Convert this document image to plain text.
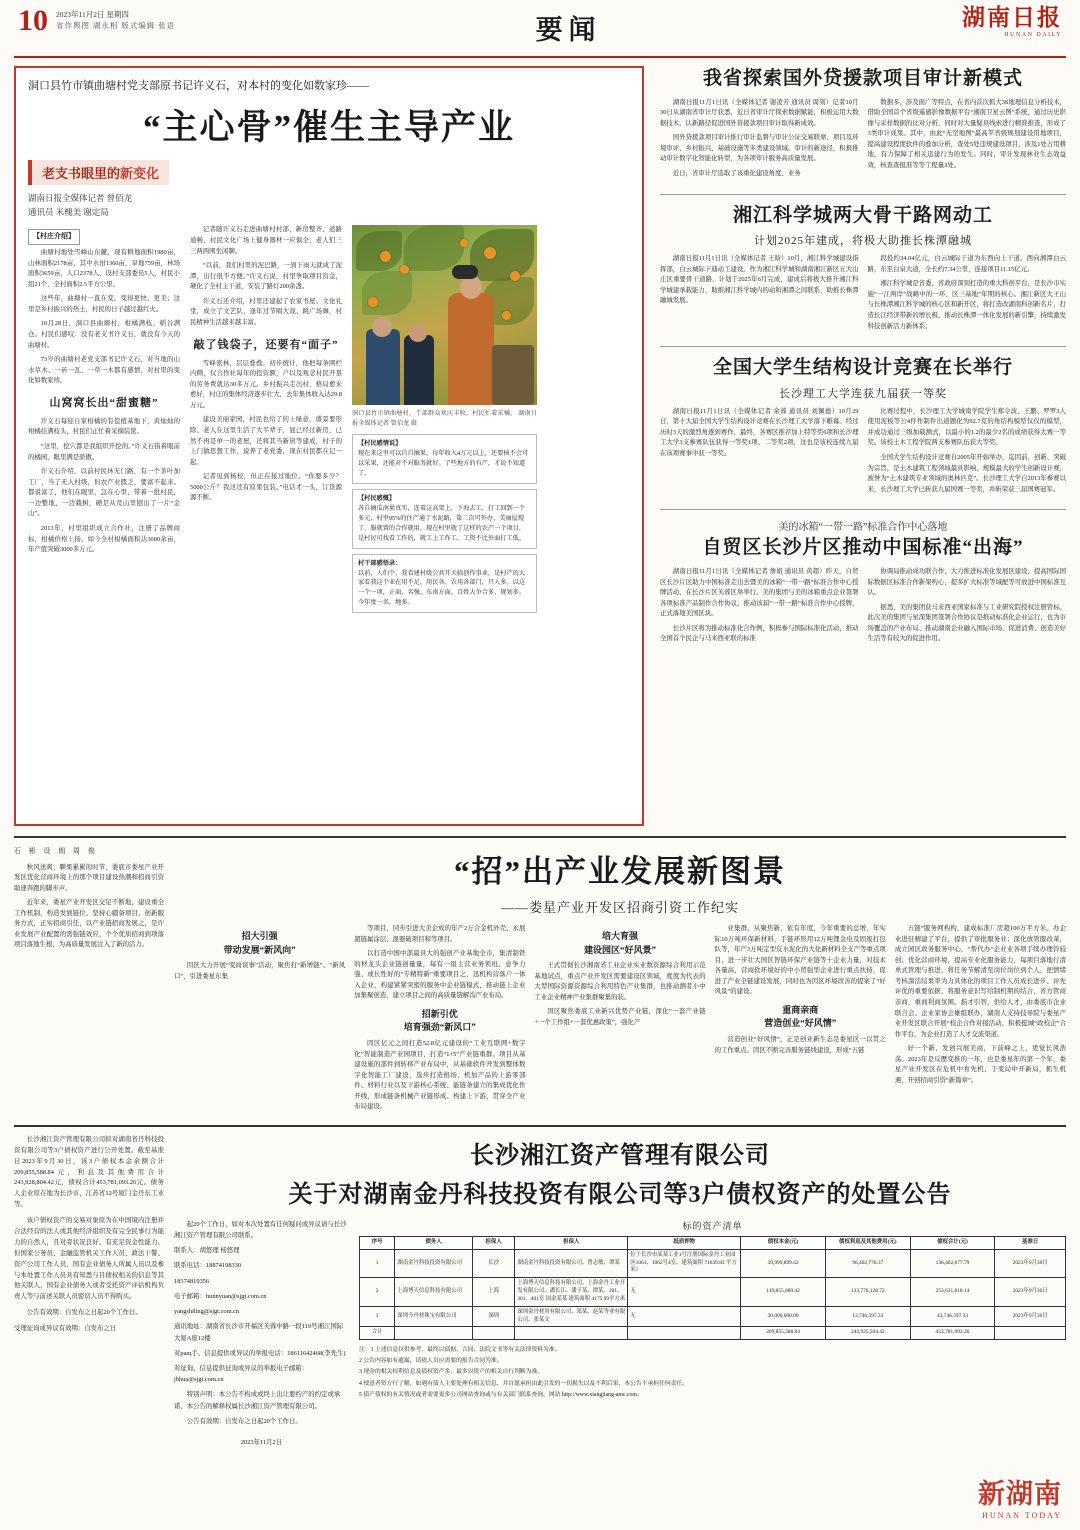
10 2023年11月2日 星期四
省作舆图 湖永相 版式编辑 张语	要闻	湖南日报
HUNAN DAILY
洞口县竹市镇曲塘村党支部原书记许义石，对本村的变化如数家珍——
“主心骨”催生主导产业
老支书眼里的新变化
湖南日报全媒体记者 曾佰龙
通讯员 米槐美 谢定局
【村庄介绍】

曲塘村地处雪峰山东麓，现有耕地面积1980亩，山林面积2178亩，其中水田1360亩，旱地759亩，林场面积3659亩，人口2378人，设村支部委员5人，村民小组21个，全村面积2.5平方公里。

这些年，曲塘村一直在变，变得更快、更美；这里是乡村振兴的热土，村民的日子越过越红火。

10月28日，洞口县曲塘村，柑橘满枝、稻谷满仓。村民们感叹：没有老支书许义石，就没有今天的曲塘村。

73岁的曲塘村老党支部书记许义石，对当地的山水草木、一砖一瓦、一草一木都有感情，对村里的变化如数家珍。

山窝窝长出“甜蜜糖”

许义石每迎自家柑橘的有偿植基地下，黄灿灿的柑橘挂满枝头，村民们正忙着采摘装筐。

“这里，挖穴都是我组织开挖的。”许义石指着眼前的橘园，眼里满是骄傲。

许义石介绍，以前村民休无门路，有一个茶叶加工厂，当了无人村级，但农产业匮乏，要富不起来。都说富了，他们在眼里，急在心里，带着一批村民，一边整地、一边栽树，硬是从荒山里刨出了一片“金山”。

2013年，村里组织成立合作社，注册了品牌商标，柑橘价格上扬。如今全村柑橘面积达3000余亩，年产值突破3000多万元。

记者随许义石走进曲塘村村部，新房整齐、道路通畅，村民文化广场上健身器材一应俱全，老人们三三两两围坐闲聊。

“以前，我们村里的泥巴路，一到下雨天就成了泥潭，出行很不方便。”许义石说，村里争取项目资金，硬化了全村主干道，安装了路灯200余盏。

许义石还介绍，村里还建起了农家书屋、文化礼堂，成立了文艺队，逢年过节唱大戏、跳广场舞，村民精神生活越来越丰富。

敲了钱袋子，还要有“面子”

雪峰密林，层层叠叠。初步统计，他把每条围栏内侧，仅合作社每年的投资额，户以及观念村民开垦的劳务费就达30多万元。乡村振兴走出村，格局愈来愈好，村庄的集体经济逐步壮大，去年集体收入达29.8万元。

建设美丽家园，村民也给了的上绿意，盛景要形除、老人在这里生活了大半辈子，显已经过新房，已然不再是单一的老屋，还将其当新居等建成，村子的上门做思想工作，说养了老党委，现在村民都在记一起。

记者见到杨校，但正在接过地位。“你要多少？5000公斤？我这还有原果包装。”电话才一头，订货源源不断。

洞口县竹市镇曲塘村，干部群众欢庆丰收，村民忙着采橘。 湖南日报全媒体记者 曾佰龙 摄
【村民感情说】
现在来这里可以自自摘果，每年收入4万元以上，还要核不会可以采果，还能对不对服务就好。了些地方的有产，才说不知道了。
【村民感慨】
各自摘瓜南果真实，连着这高架上，下海去工，打工回到一个多元，村里95%的住产通了水泥路，第二次可外办，美丽屋现了，服就置的合作就用，现在村里就了这样的农产一个项目，是村民可找看工作的，就工上工作工，工资不比外面打工低。
村干部感悟录：
以前，人们个，我看建村级公共开关临创作事业，是村产的大家看我这个业在用不足，用民各、农用各部门，只人多。以这一个一项，正面、名强、东南方面、百姓大争合多，规划多。今年度一名，地多。
我省探索国外贷援款项目审计新模式

湖南日报11月1日讯（全媒体记者 谢凌芳 通讯员 周刻）记者10月30日从湖南省审计厅获悉，近日省审计厅探索数据赋能，积极运用大数据技术，认新路径促进国外贷援款项目审计取得新成效。

国外贷援款项目审计推行审计监督与审计公证交易联席、项目及环境审评、乡村振兴、基础设施等多类建设领域。审计的新途径，积极推动审计数字化智能化转型，为各项审计服务高质量发展。

近日，省审计厅选取了该重化建设角度、业务

数据多、涉及面广等特点，在省内首次抓大3S地理信息分析技术，借助全国首个省级遥感影像数据平台“湘南卫星云图”系统，通过历史影像与采样数据的比对分析，同时对大量疑具线索进行精准推查，形成了3类审计成果。其中，由此“无空地图”最高平省级规划建设用地项目，提高建设程度软件的叠加分析，查处5处违规建设项目，涉及1处占用耕地，有力保障了相关违建行为的发生。同时，审计发现林业生态效益效，核查查报准等等工程量3处。

湘江科学城两大骨干路网动工
计划2025年建成，将极大助推长株潭融城

湖南日报11月1日讯（全媒体记者 王晗）10月，湘江科学城建设指挥部，白云城际下通动工建设。作为湘江科学城和湖南湘江新区五大山庄区重要骨干道路，计划于2025年6月完成，建成后将极大推升湘江科学城建承载能力，助推湘江科学城内的动和湘潭之间联系，助推长株潭融城发展。

段投约34.04亿元，白云城际干道为东西向上干道。西向湘潭白云路，东至白泉大道，全长约7.34公里，连接项目11.15亿元。

湘江科学城是省委、省政府深刻打造的重大科创平台，是长沙市实施“一江两岸”战略中的一环、区三基地”年期的核心。湘江新区大王山与长株潭湘江科学城的核心区和新开区，将打造改湖南科创新名片，打造长江经济带新的增长极、推动长株潭一体化发展的新引擎，持续激发科技创新活力新体系。

全国大学生结构设计竞赛在长举行
长沙理工大学连获九届获一等奖

湖南日报11月1日讯（全媒体记者 余蓉 通讯员 刘佩德）10月29日，第十大届全国大学生结构设计竞赛在长沙理工大学落下帷幕。经过历时3天的激烈角逐到赛作，最终，各赛区推荐加上特等奖6项和长沙理工大学3支参赛队伍获得一等奖1项、二等奖2项，这也是该校连续九届在该项赛事中获一等奖。

比赛过程中，长沙理工大学城南学院学生郑令波、王鹏、罗罗3人使用泥板等公4件作制件出道题化为92.7克的角结构模型仅仅的模型，并成功通过三级加载测式，以最小的1.2的最少2名的成绩获得大赛一等奖。该校土木工程学院两支参赛队伍获大等奖。

全国大学生结构设计竞赛自2005年开始举办，迄因前，创新、突破为宗旨，是土木建筑工程领域最具影响、规模最大的学生创新设计赛，被誉为“土木建筑专业领域的奥林匹克”。长沙理工大学自2013年参赛以来，长沙理工大学已斩获九届国赛一等奖，并斩荣获三届国赛冠军。

美的冰箱“一带一路”标准合作中心落地
自贸区长沙片区推动中国标准“出海”

湖南日报11月1日讯（全媒体记者 詹娟 通讯员 黄超）昨天，自贸区长沙片区助力中国标准走出去暨美的冰箱“一带一路”标准合作中心授牌活动，在长沙片区芙蓉区举举行。美的集团与美的冰箱重点企业签署各项标准产品制作合作协议，推动该届“一带一路”标准合作中心授牌，正式落地美国区块。

长沙片区将为推动标准化合作例，积极参与国际标准化活动，推动全国首个民企与马来西亚联的标准

协调局推动成功联合作、大力推进标准化发展区建设，提高国际国际数据区标准合作新架构心，提多扩大标准等域配等可放进中国标准互认。

据悉，美的集团获马来西亚国家标准与工业研究院授权注册管标，此次美的集团与星深集团签署合作协议是推动标准化企业运行，也为市场覆盖的产业布局、推动湖南企业融入国际市场、促进消费、创造美好生活等有较大的促进作用。

石 彬 设 朗 周 俊

秋风送爽，颗果累累的时节，娄底市娄星产业开发区优化营商环境上的那个项目建设热潮和招商引资助速奔跑的脚步声。

近年来，娄星产业开发区交足不断地，建设重全工作机制，构造发展链位、坚持心疆备项目，创新服务方式，正实招商引任，以产业链招商发展之，是许业发展产业配置的需强链效应，个个优质招商到项落项目落地生根，为高质量发展注入了新的活力。

“招”出产业发展新图景
——娄星产业开发区招商引资工作纪实
招大引强
带动发展“新风向”

因区大力开展“变商谈事”活动，聚焦打“新增链”、“新风口”，引进娄星东集

等项目，同步引进大美企成的年产2万合金机外壳、永展超链属涂层、混器破项目和等项目。

以打造中国中部最具大的强创产业基地全市，集清制铁的材龙头企业链创量量，每有一组主营业务领班、意争力强、或长性好的“专精特新”重要项目之，迅机构营落户一体入企业，构建紧紧突密的服务中企业链模式，推动链上企业加集聚创造，建立项目之间的高质量链解沟产业布局。

招新引优
培育强劲“新风口”

因区亿元之间打造52.8亿元建设的“工业互联网+数字化”智能制造产业园项目，打造“1+5”产业链重群。项目从基建设施的部件到转移产业布局中，从基础软件开发到整体数字化智能工厂建设，选步打造格场、机加产品的上游零部件、材料行业以及下游核心系统、能链条建立的集成优化作开线，形成链条机械产业链形成、构建上下游、贯穿全产业布局建设。

培大育强
建设园区“好风景”

王式贯彻长沙湘南省工业企业实业数资源综合利用示范基地试点，重点产业开发区需要建设区领域，度度为代表的大型国际资源资源综合利用特色产业集群，也推动测者小中工业企业精神产业集群聚集的装。

因区聚焦娄底工业新兴优势产业链，深化“一套产业链+一个工作组+一套优惠政策”，强化产

业集群，从聚焦新、依有年度，今年重要的总增，年实际10万吨环保新材料，手链环形用12万吨锂金电及固废打包队等，年产3万吨定型反水泥化的大化新材料全支产等重点项目，进一步壮大国区智链环保产业链等十企业力量，对技术各量高，营商软环境好的中小贸强型企业进行重点扶持，促进了产业全链建设发展，同时也为因区环境改善的提案了“好风景”的建设。

重商亲商
营造创业“好风情”

营造创业“好风情”，正是创业新生态是娄星区一以贯之的工作重点。因区不断完善服务链线建设，形成“五链

五链”服务网构构，建成标准厂房超100万平方米。办企业进驻精建了平台，提供了审批服务业；深化放管服改革，成立园区政务服务中心，“帮代办”企业业各项手续办理铃较创；优化营商环境，提高专业化服务能力，每项目落地行清单式管理与推进，将任务节解清至岗位岗位到个人，把情绪考核深活结果率为力具体化的项目工作人员成长进步、评先评优的重要依据，将服务意识写给制机期的结合，省方管商亲商，重商利商氛围。指才引智，供给人才，由娄底市企业联合会、企业家协会雄组联办，湖南人支持技导院与娄星产业开发区联合开展“校企合作对接活动，积极挺城“政校企”合作平台，为企业打造了人才交流渠道。

好一个新、发创兴展美商，下前峰之上，更觉长风浩荡。2023年是反歷变推的一年，也是娄星年的第一个年，娄星产业开发区在危机中育先机、于变局中开新局，抓生机遇，开创招商引资“新篇章”。

长沙湘江资产管理有限公司拟对湖南省丹科技投资有限公司等3户债权资产进行公开处置。截至基准日2023年9月30日，该3户债权本金余额合计209,855,588.84元，利息及其他费用合计243,928,804.42元，债权合计453,781,093.26元。债务人企业原在地为长沙市，江苏省12号厦门金丹东工业等。

该户债权资产的交易对象原为在中国境内注册并合法经营的法人或其他经济组织及有完全民事行为能力的自然人，且对旁状况良好、有充足资金性能力、但国家公务员、金融监管机关工作人员、政法干警、资产公司工作人员、国有企业债务人所属人员以及参与本处置工作人员具有知悉与目债权相关的信息等其他关联人，国有企业债务人或者受托资产评估机构负责人等与前述关联人员密切人员不得购买。

公告有效期：自发布之日起20个工作日。

受理征询或异议有效期：自发布之日

长沙湘江资产管理有限公司
关于对湖南金丹科技投资有限公司等3户债权资产的处置公告

起20个工作日，如对本次处置有任何疑问或异议请与长沙湘江资产管理有限公司联系。

联系人：胡悠理 杨悠理

联系电话：18874198330

18374819356

电子邮箱：hunnyuan@sjgt.com.cn

yangshiling@sjgt.com.cn

通讯地址：湖南省长沙市开福区芙蓉中路一段119号湘江国际大厦A座12楼

对ращ手、信息提供或异议的举报电话：18611642468(李先生)

对征询、信息提供征询或异议的举报电子邮箱：jbhua@sjgt.com.cn

特别声明：本公告不构成或终上出让要约产的约定或承诺、本公告的解释权属长沙湘江资产管理有限公司。

公告有效期：自发布之日起20个工作日。

2023年11月2日

标的资产清单
序号	债务人	担保人	担保人	抵质押物	债权本金(元)	债权利息及其他费用(元)	债权合计(元)	基准日
1	湖南金丹科技投资有限公司	长沙	湖南金丹科技投资有限公司、曾志敏、谭某	位于长沙市某某工业1号注册国际金丹工业园区1061、1062号4室、建筑面积 71639.85 平方米）	39,999,899.42	96,402,778.37	136,402,677.79	2023年9月30日
2	上海博天信息科技有限公司	上海	上海博天信息科技有限公司、上海金丹工业开发有限公司、潘长江、潘子某、谭某、201、301、401室 国金某某 建筑面积 4175.99平方米	无	119,855,689.42	133,776,128.72	253,631,818.14	2023年9月30日
3	深圳今丹材珠宝有限公司	深圳	深圳金丹材用有限公司、郑某、赵某等业有限公司、张某文	无	30,000,000.00	13,746,597.33	43,746,597.33	2023年9月30日
合计					209,855,588.84	243,925,504.42	453,781,093.26	
注：1 上述信息仅供参考，最终以债据、合同、法院文书等有关法律资料为准。
2 公告内容如有遗漏，请依人员应需要的报告合同为准。
3 现金的相关权利信息及债权资产多，最多以资产的相关自行判断为准。
4 授意者资方行了解，如遇有债人主要处理有相关信息，并自愿承担由此引发的一切损失以及不利后果，本公告不承担任何责任。
5 债产债权的有关情况或者需要更多公司网站查询或与有关部门联系查询，网站 http://www.xiangjiang-amc.com。
新湖南
HUNAN TODAY
